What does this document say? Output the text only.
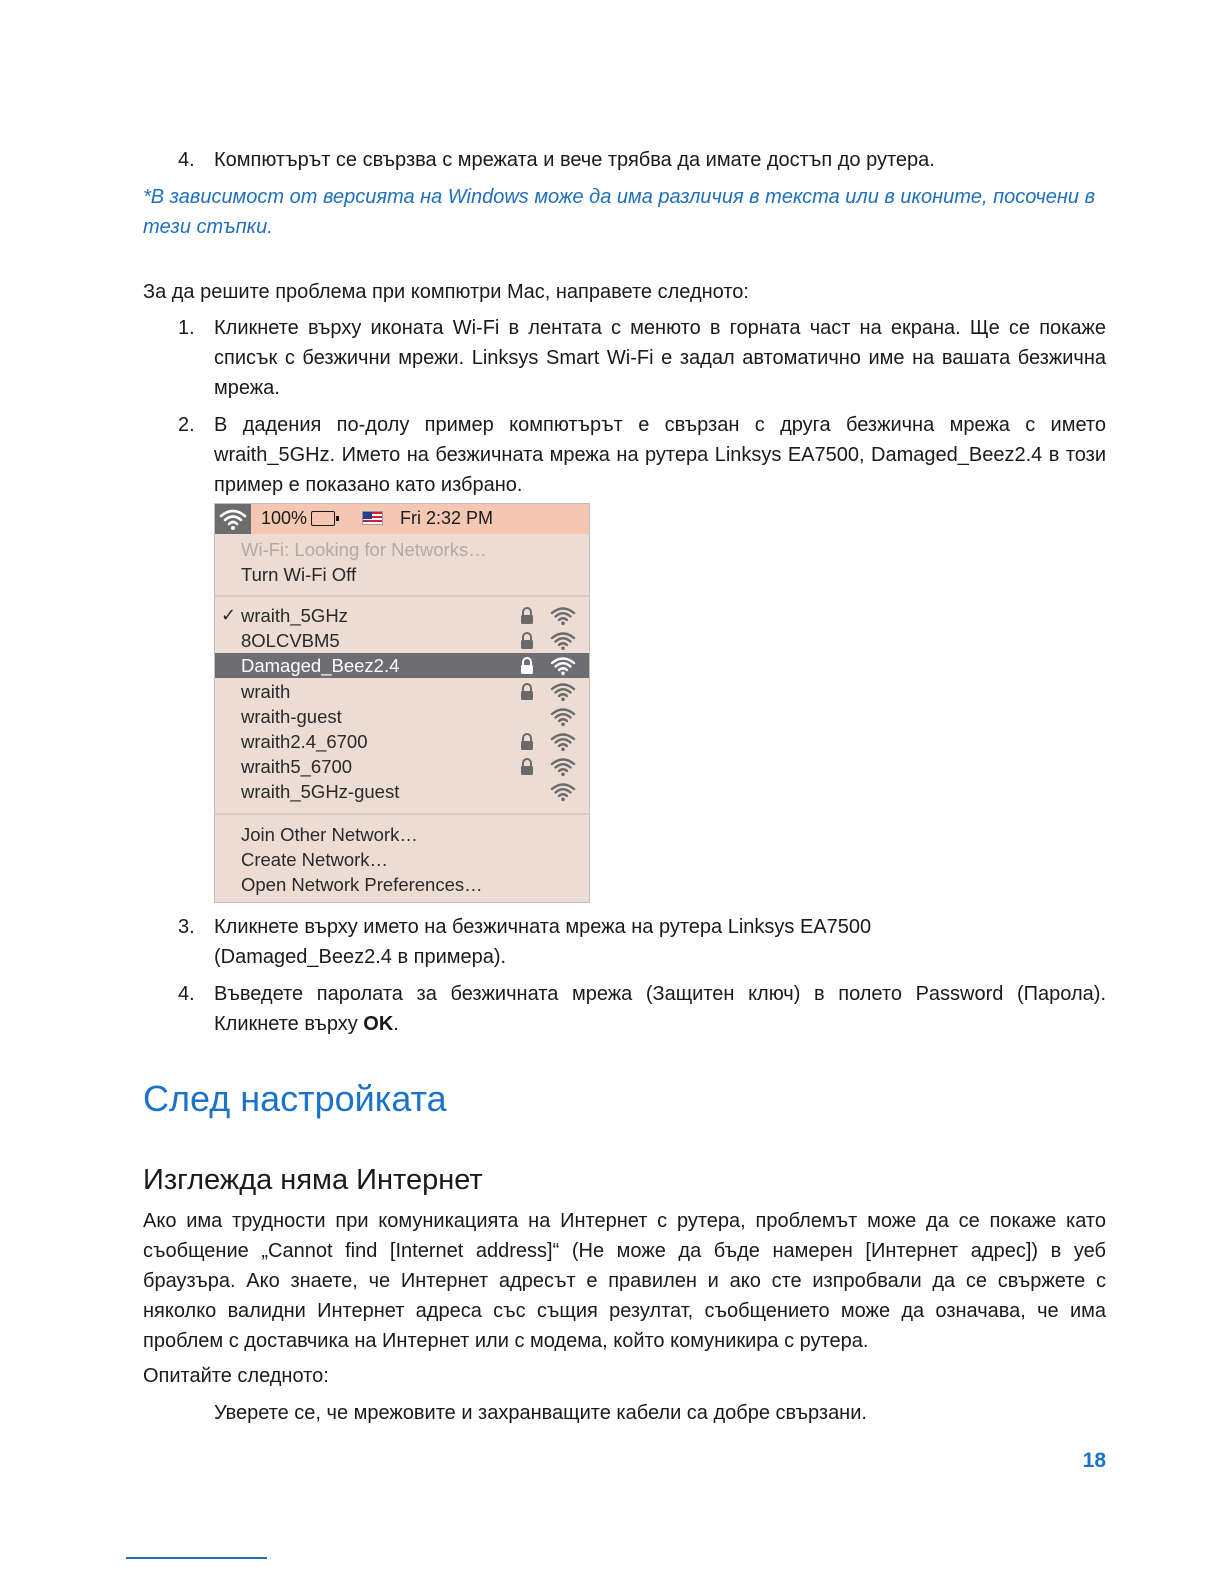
4. Компютърът се свързва с мрежата и вече трябва да имате достъп до рутера.
*В зависимост от версията на Windows може да има различия в текста или в иконите, посочени в тези стъпки.
За да решите проблема при компютри Mac, направете следното:
1. Кликнете върху иконата Wi-Fi в лентата с менюто в горната част на екрана. Ще се покаже списък с безжични мрежи. Linksys Smart Wi-Fi е задал автоматично име на вашата безжична мрежа.
2. В дадения по-долу пример компютърът е свързан с друга безжична мрежа с името wraith_5GHz. Името на безжичната мрежа на рутера Linksys EA7500, Damaged_Beez2.4 в този пример е показано като избрано.
100%	Fri 2:32 PM
Wi-Fi: Looking for Networks…
Turn Wi-Fi Off
✓ wraith_5GHz
8OLCVBM5
Damaged_Beez2.4
wraith
wraith-guest
wraith2.4_6700
wraith5_6700
wraith_5GHz-guest
Join Other Network…
Create Network…
Open Network Preferences…
3. Кликнете върху името на безжичната мрежа на рутера Linksys EA7500 (Damaged_Beez2.4 в примера).
4. Въведете паролата за безжичната мрежа (Защитен ключ) в полето Password (Парола). Кликнете върху OK.
След настройката
Изглежда няма Интернет
Ако има трудности при комуникацията на Интернет с рутера, проблемът може да се покаже като съобщение „Cannot find [Internet address]“ (Не може да бъде намерен [Интернет адрес]) в уеб браузъра. Ако знаете, че Интернет адресът е правилен и ако сте изпробвали да се свържете с няколко валидни Интернет адреса със същия резултат, съобщението може да означава, че има проблем с доставчика на Интернет или с модема, който комуникира с рутера.
Опитайте следното:
Уверете се, че мрежовите и захранващите кабели са добре свързани.
18
